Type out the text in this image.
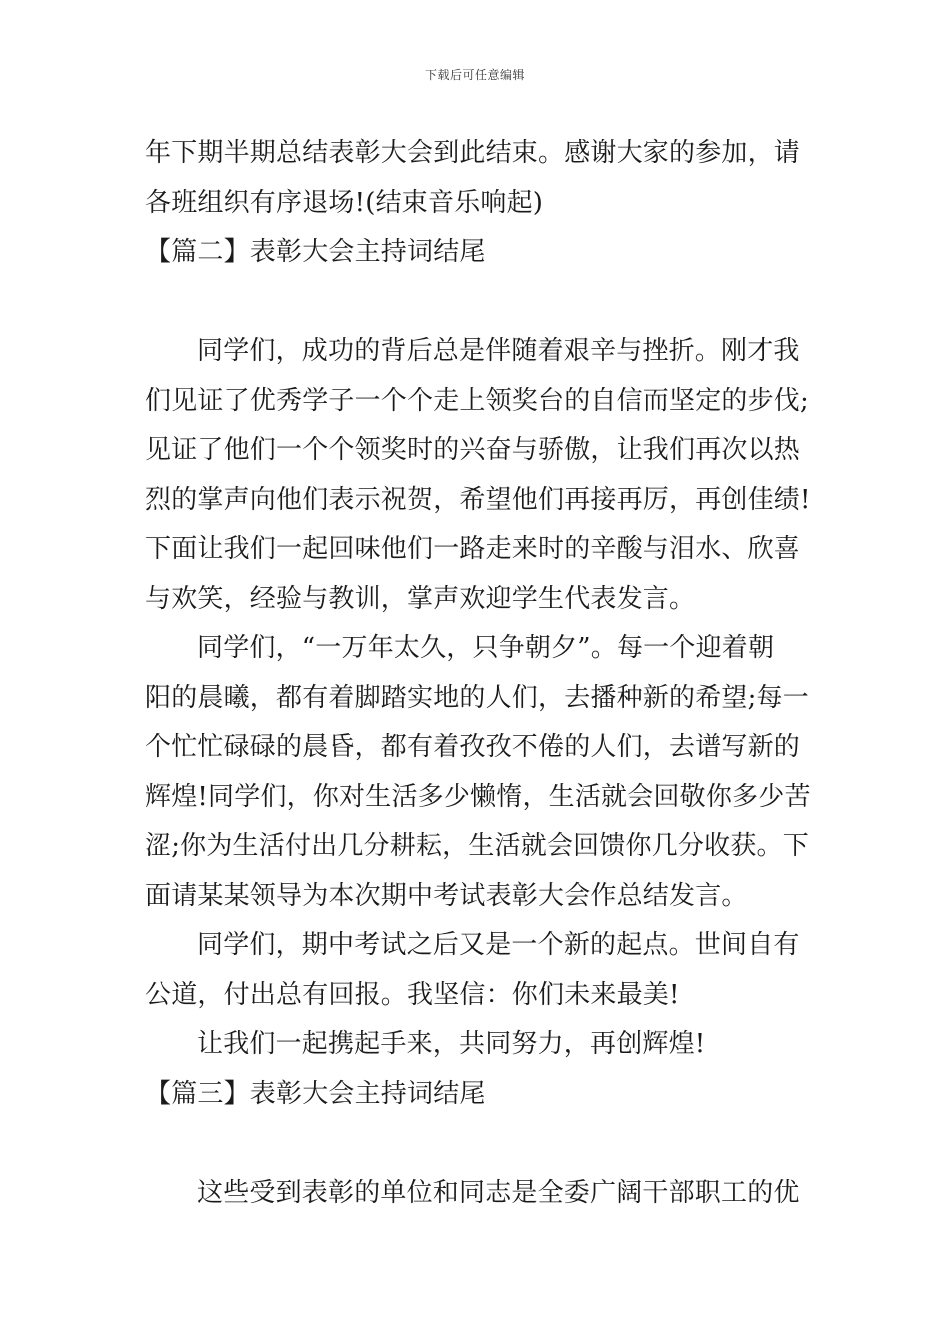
下载后可任意编辑
年下期半期总结表彰大会到此结束。感谢大家的参加，请
各班组织有序退场!(结束音乐响起)
【篇二】表彰大会主持词结尾
同学们，成功的背后总是伴随着艰辛与挫折。刚才我
们见证了优秀学子一个个走上领奖台的自信而坚定的步伐;
见证了他们一个个领奖时的兴奋与骄傲，让我们再次以热
烈的掌声向他们表示祝贺，希望他们再接再厉，再创佳绩!
下面让我们一起回味他们一路走来时的辛酸与泪水、欣喜
与欢笑，经验与教训，掌声欢迎学生代表发言。
同学们，“一万年太久，只争朝夕”。每一个迎着朝
阳的晨曦，都有着脚踏实地的人们，去播种新的希望;每一
个忙忙碌碌的晨昏，都有着孜孜不倦的人们，去谱写新的
辉煌!同学们，你对生活多少懒惰，生活就会回敬你多少苦
涩;你为生活付出几分耕耘，生活就会回馈你几分收获。下
面请某某领导为本次期中考试表彰大会作总结发言。
同学们，期中考试之后又是一个新的起点。世间自有
公道，付出总有回报。我坚信：你们未来最美!
让我们一起携起手来，共同努力，再创辉煌!
【篇三】表彰大会主持词结尾
这些受到表彰的单位和同志是全委广阔干部职工的优
